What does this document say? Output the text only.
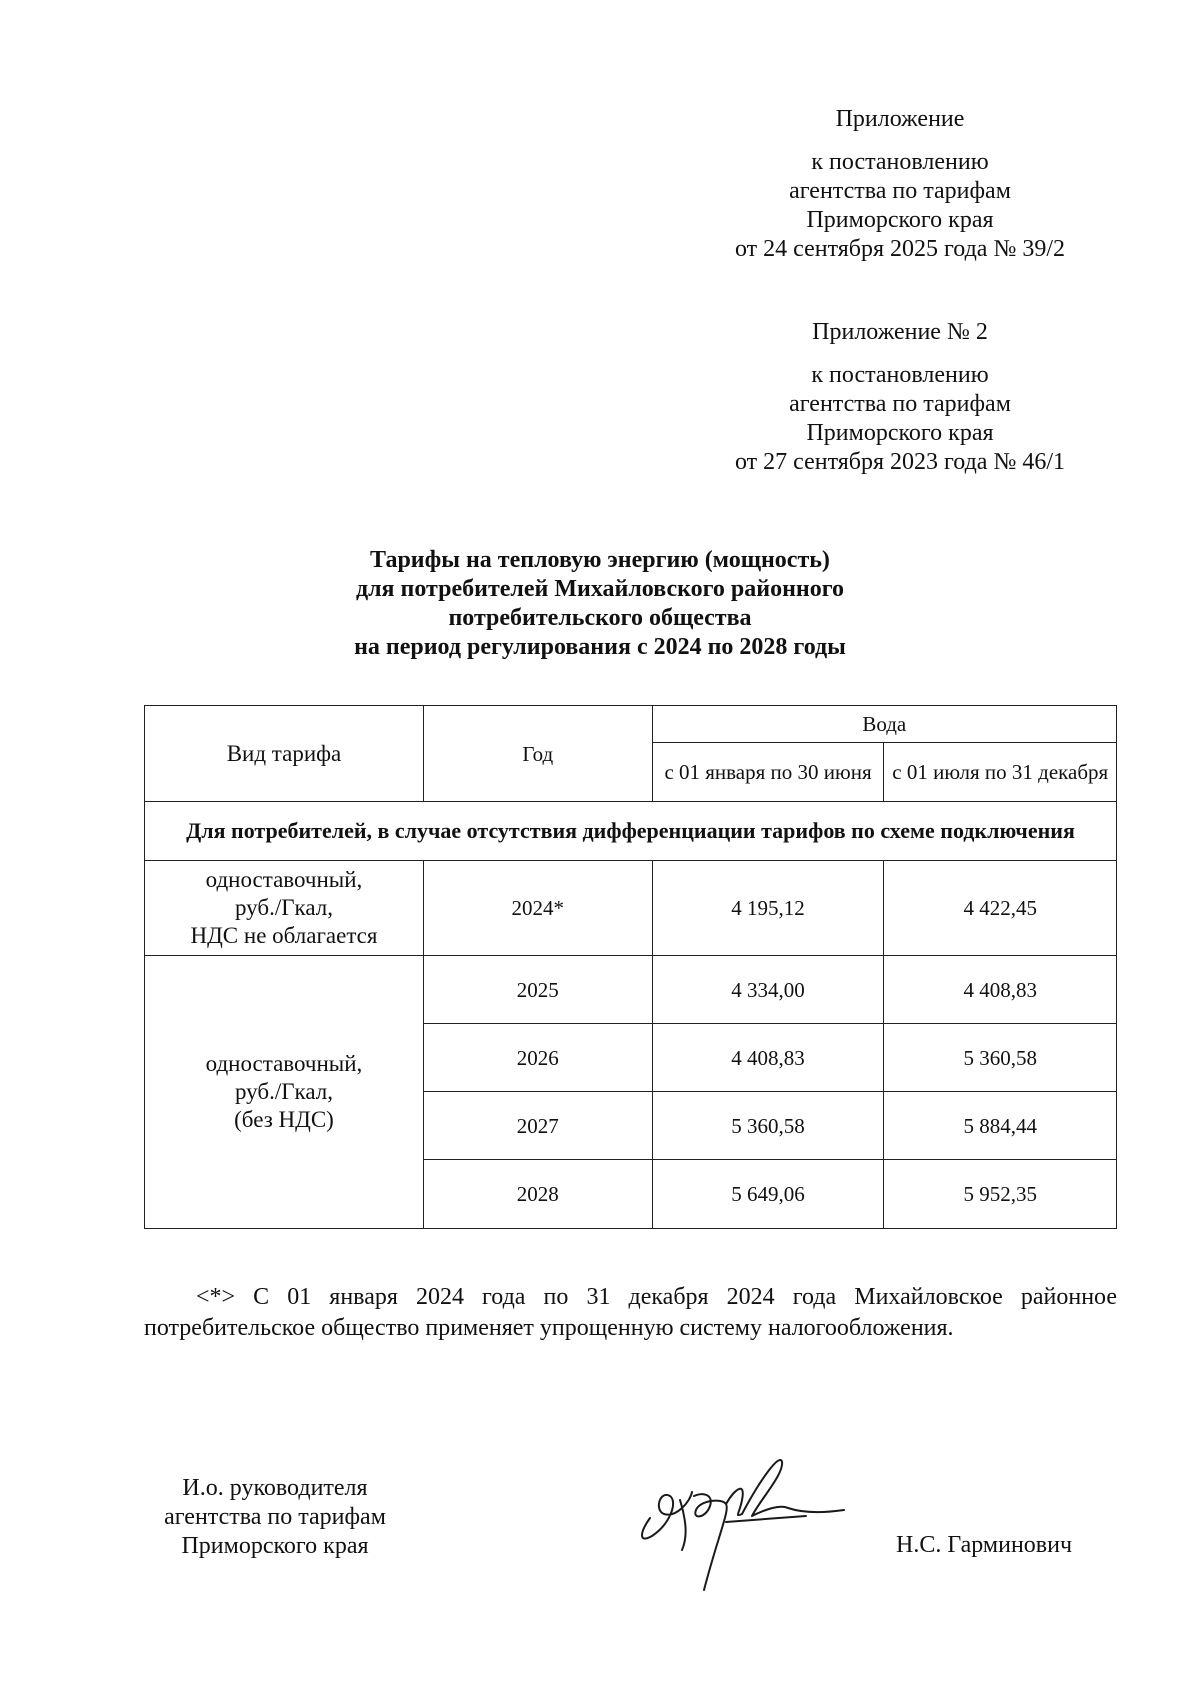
Приложение
к постановлению
агентства по тарифам
Приморского края
от 24 сентября 2025 года № 39/2
Приложение № 2
к постановлению
агентства по тарифам
Приморского края
от 27 сентября 2023 года № 46/1
Тарифы на тепловую энергию (мощность)
для потребителей Михайловского районного
потребительского общества
на период регулирования с 2024 по 2028 годы
Вид тарифа	Год	Вода	
		с 01 января по 30 июня	с 01 июля по 31 декабря
Для потребителей, в случае отсутствия дифференциации тарифов по схеме подключения			

одноставочный,
руб./Гкал,
НДС не облагается	2024*	4 195,12	4 422,45

одноставочный,
руб./Гкал,
(без НДС)	2025	4 334,00	4 408,83
	2026	4 408,83	5 360,58
	2027	5 360,58	5 884,44
	2028	5 649,06	5 952,35
<*> С 01 января 2024 года по 31 декабря 2024 года Михайловское районное потребительское общество применяет упрощенную систему налогообложения.
И.о. руководителя
агентства по тарифам
Приморского края	Н.С. Гарминович
